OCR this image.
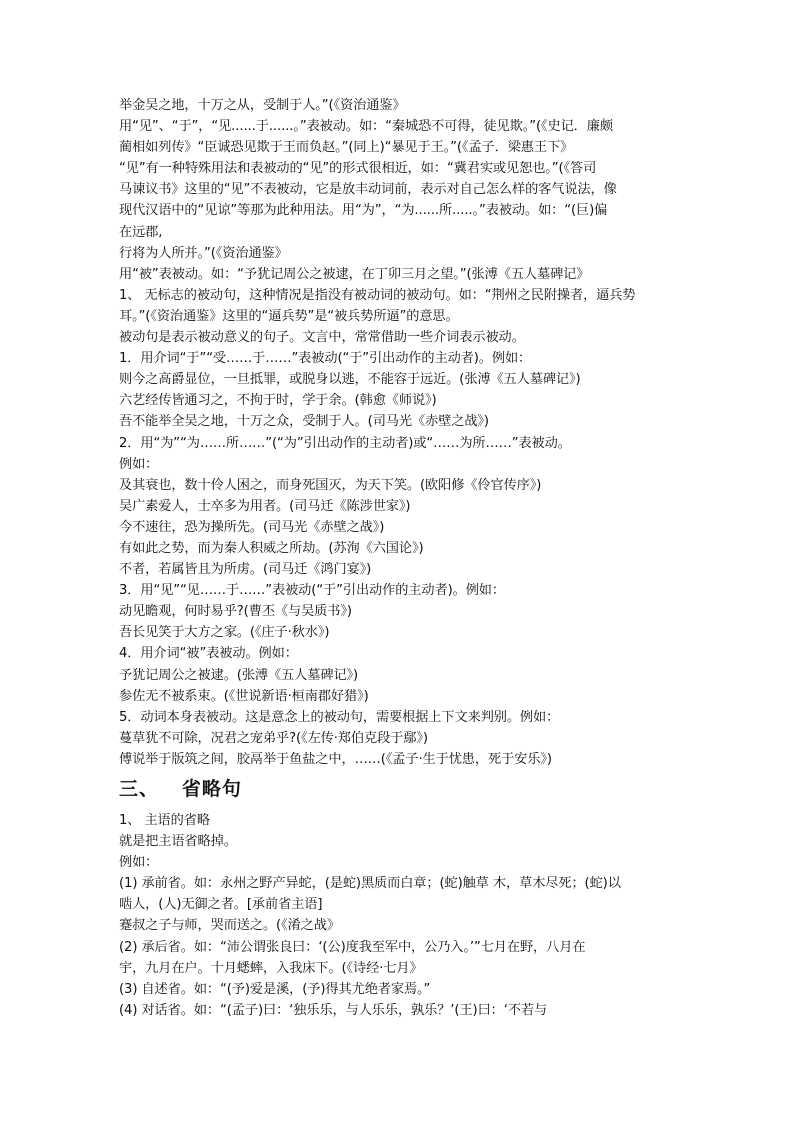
举金吴之地，十万之从，受制于人。”(《资治通鉴》
用“见”、“于”，“见......于......。”表被动。如：“秦城恐不可得，徒见欺。”(《史记．廉颇
蔺相如列传》“臣诚恐见欺于王而负赵。”(同上)“暴见于王。”(《孟子．梁惠王下》
“见”有一种特殊用法和表被动的“见”的形式很相近，如：“冀君实或见恕也。”(《答司
马谏议书》这里的“见”不表被动，它是放丰动词前，表示对自己怎么样的客气说法，像
现代汉语中的“见谅”等那为此种用法。用“为”，“为......所.....。”表被动。如：“(巨)偏
在远郡,
行将为人所并。”(《资治通鉴》
用“被”表被动。如：“予犹记周公之被逮，在丁卯三月之望。”(张溥《五人墓碑记》
1、 无标志的被动句，这种情况是指没有被动词的被动句。如：“荆州之民附操者，逼兵势
耳。”(《资治通鉴》这里的“逼兵势”是“被兵势所逼”的意思。
被动句是表示被动意义的句子。文言中，常常借助一些介词表示被动。
1．用介词“于”“受……于……”表被动(“于”引出动作的主动者)。例如：
则今之高爵显位，一旦抵罪，或脱身以逃，不能容于远近。(张溥《五人墓碑记》)
六艺经传皆通习之，不拘于时，学于余。(韩愈《师说》)
吾不能举全吴之地，十万之众，受制于人。(司马光《赤壁之战》)
2．用“为”“为……所……”(“为”引出动作的主动者)或“……为所……”表被动。
例如：
及其衰也，数十伶人困之，而身死国灭，为天下笑。(欧阳修《伶官传序》)
吴广素爱人，士卒多为用者。(司马迁《陈涉世家》)
今不速往，恐为操所先。(司马光《赤壁之战》)
有如此之势，而为秦人积威之所劫。(苏洵《六国论》)
不者，若属皆且为所虏。(司马迁《鸿门宴》)
3．用“见”“见……于……”表被动(“于”引出动作的主动者)。例如：
动见瞻观，何时易乎?(曹丕《与吴质书》)
吾长见笑于大方之家。(《庄子·秋水》)
4．用介词“被”表被动。例如：
予犹记周公之被逮。(张溥《五人墓碑记》)
参佐无不被系束。(《世说新语·桓南郡好猎》)
5．动词本身表被动。这是意念上的被动句，需要根据上下文来判别。例如：
蔓草犹不可除，况君之宠弟乎?(《左传·郑伯克段于鄢》)
傅说举于版筑之间，胶鬲举于鱼盐之中，……(《孟子·生于忧患，死于安乐》)
三、   省略句
1、 主语的省略
就是把主语省略掉。
例如：
(1) 承前省。如：永州之野产异蛇，(是蛇)黑质而白章；(蛇)触草 木，草木尽死；(蛇)以
啮人，(人)无御之者。[承前省主语]
蹇叔之子与师，哭而送之。(《淆之战》
(2) 承后省。如：“沛公谓张良曰：‘(公)度我至军中，公乃入。’”七月在野，八月在
宇，九月在户。十月蟋蟀，入我床下。(《诗经·七月》
(3) 自述省。如：“(予)爱是溪，(予)得其尤绝者家焉。”
(4) 对话省。如：“(孟子)曰：‘独乐乐，与人乐乐，孰乐？’(王)曰：‘不若与
